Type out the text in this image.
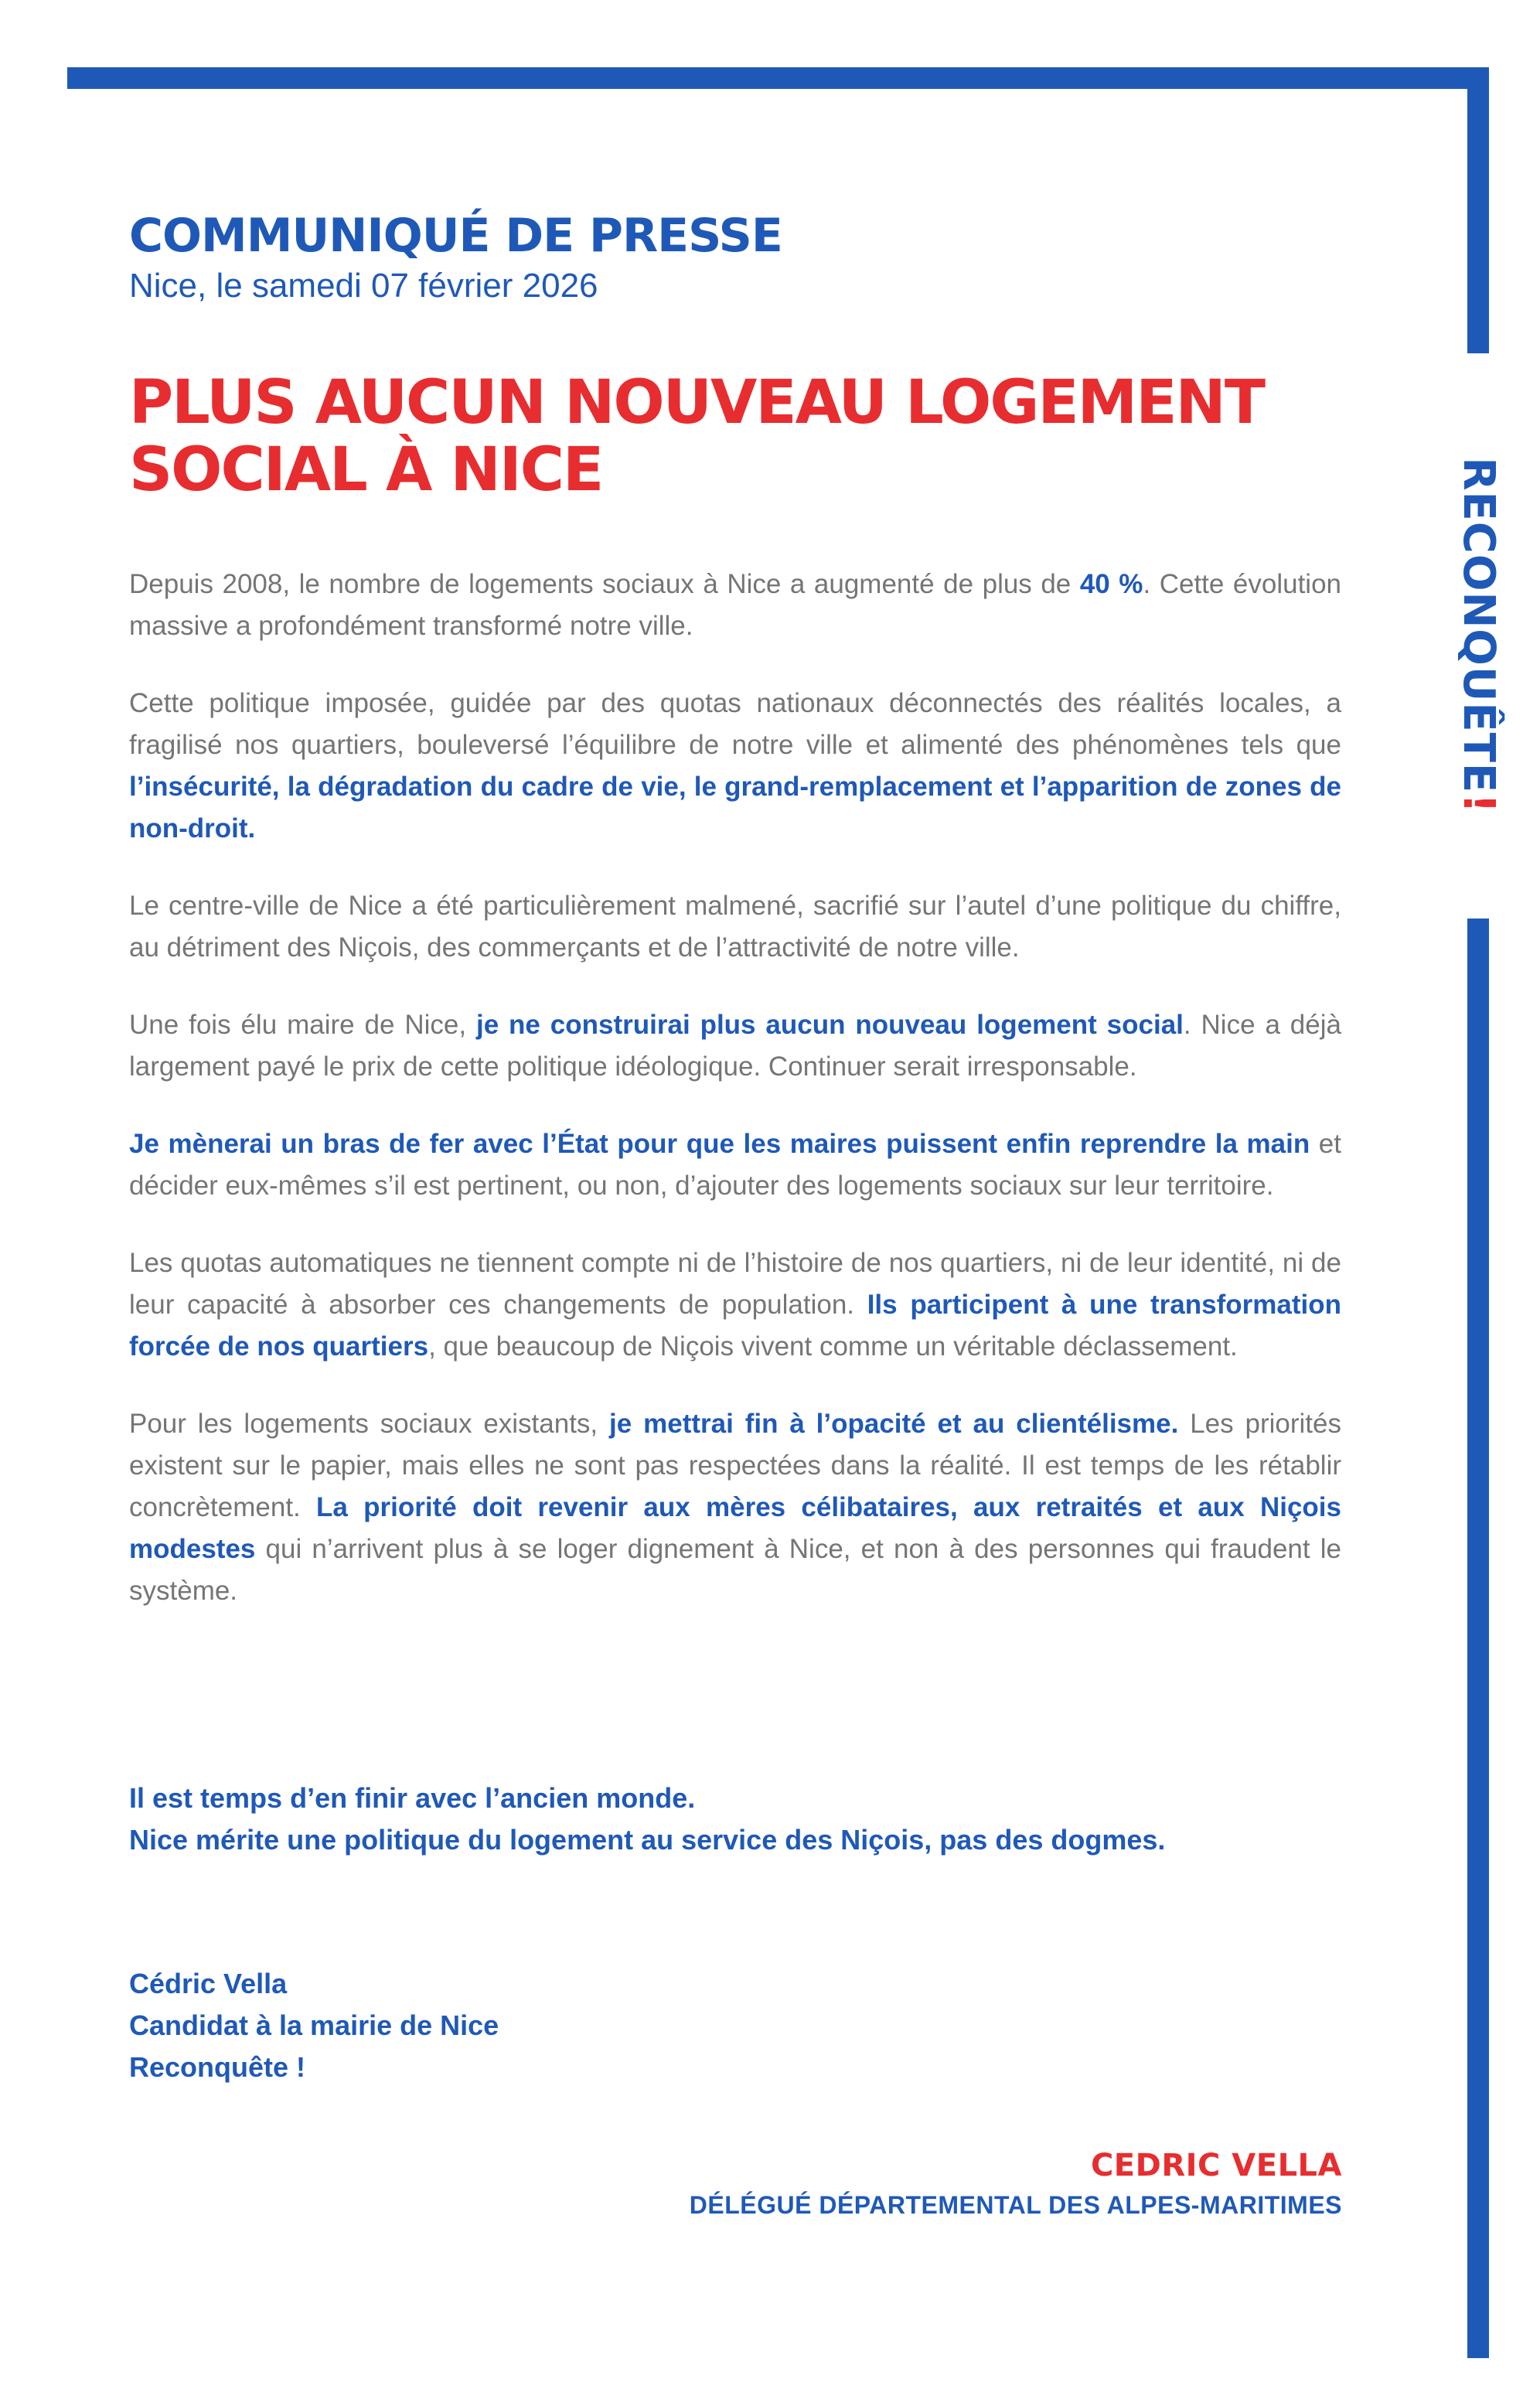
RECONQUÊTE!
COMMUNIQUÉ DE PRESSE
Nice, le samedi 07 février 2026
PLUS AUCUN NOUVEAU LOGEMENT
SOCIAL À NICE

Depuis 2008, le nombre de logements sociaux à Nice a augmenté de plus de 40 %. Cette évolution massive a profondément transformé notre ville.

Cette politique imposée, guidée par des quotas nationaux déconnectés des réalités locales, a fragilisé nos quartiers, bouleversé l’équilibre de notre ville et alimenté des phénomènes tels que l’insécurité, la dégradation du cadre de vie, le grand-remplacement et l’apparition de zones de non-droit.

Le centre-ville de Nice a été particulièrement malmené, sacrifié sur l’autel d’une politique du chiffre, au détriment des Niçois, des commerçants et de l’attractivité de notre ville.

Une fois élu maire de Nice, je ne construirai plus aucun nouveau logement social. Nice a déjà largement payé le prix de cette politique idéologique. Continuer serait irresponsable.

Je mènerai un bras de fer avec l’État pour que les maires puissent enfin reprendre la main et décider eux-mêmes s’il est pertinent, ou non, d’ajouter des logements sociaux sur leur territoire.

Les quotas automatiques ne tiennent compte ni de l’histoire de nos quartiers, ni de leur identité, ni de leur capacité à absorber ces changements de population. Ils participent à une transformation forcée de nos quartiers, que beaucoup de Niçois vivent comme un véritable déclassement.

Pour les logements sociaux existants, je mettrai fin à l’opacité et au clientélisme. Les priorités existent sur le papier, mais elles ne sont pas respectées dans la réalité. Il est temps de les rétablir concrètement. La priorité doit revenir aux mères célibataires, aux retraités et aux Niçois modestes qui n’arrivent plus à se loger dignement à Nice, et non à des personnes qui fraudent le système.

Il est temps d’en finir avec l’ancien monde.
Nice mérite une politique du logement au service des Niçois, pas des dogmes.
Cédric Vella
Candidat à la mairie de Nice
Reconquête !
CEDRIC VELLA
DÉLÉGUÉ DÉPARTEMENTAL DES ALPES-MARITIMES
